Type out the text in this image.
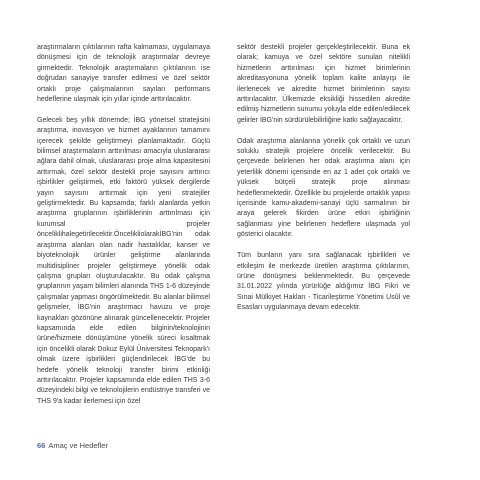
araştırmaların çıktılarının rafta kalmaması, uygulamaya dönüşmesi için de teknolojik araştırmalar devreye girmektedir. Teknolojik araştırmaların çıktılarının ise doğrudan sanayiye transfer edilmesi ve özel sektör ortaklı proje çalışmalarının sayıları performans hedeflerine ulaşmak için yıllar içinde arttırılacaktır.

Gelecek beş yıllık dönemde; İBG yönetsel stratejisini araştırma, inovasyon ve hizmet ayaklarının tamamını içerecek şekilde geliştirmeyi planlamaktadır. Güçlü bilimsel araştırmaların arttırılması amacıyla uluslararası ağlara dahil olmak, uluslararası proje alma kapasitesini arttırmak, özel sektör destekli proje sayısını arttırıcı işbirlikler geliştirmek, etki faktörü yüksek dergilerde yayın sayısını arttırmak için yeni stratejiler geliştirmektedir. Bu kapsamda; farklı alanlarda yetkin araştırma gruplarının işbirliklerinin arttırılması için kurumsal projeler önceliklihalegetirilecektir.ÖncelikliolarakİBG'nin odak araştırma alanları olan nadir hastalıklar, kanser ve biyoteknolojik ürünler geliştirme alanlarında multidisipliner projeler geliştirmeye yönelik odak çalışma grupları oluşturulacaktır. Bu odak çalışma gruplarının yaşam bilimleri alanında THS 1-6 düzeyinde çalışmalar yapması öngörülmektedir. Bu alanlar bilimsel gelişmeler, İBG'nin araştırmacı havuzu ve proje kaynakları gözönüne alınarak güncellenecektir. Projeler kapsamında elde edilen bilginin/teknolojinin ürüne/hizmete dönüşümüne yönelik süreci kısaltmak için öncelikli olarak Dokuz Eylül Üniversitesi Teknopark'ı olmak üzere işbirlikleri güçlendirilecek İBG'de bu hedefe yönelik teknoloji transfer birimi etkinliği arttırılacaktır. Projeler kapsamında elde edilen THS 3-6 düzeyindeki bilgi ve teknolojilerin endüstriye transferi ve THS 9'a kadar ilerlemesi için özel

sektör destekli projeler gerçekleştirilecektir. Buna ek olarak; kamuya ve özel sektöre sunulan nitelikli hizmetlerin arttırılması için hizmet birimlerinin akreditasyonuna yönelik toplam kalite anlayışı ile ilerlenecek ve akredite hizmet birimlerinin sayısı arttırılacaktır. Ülkemizde eksikliği hissedilen akredite edilmiş hizmetlerin sunumu yoluyla elde edilen/edilecek gelirler İBG'nin sürdürülebilirliğine katkı sağlayacaktır.

Odak araştırma alanlarına yönelik çok ortaklı ve uzun soluklu stratejik projelere öncelik verilecektir. Bu çerçevede belirlenen her odak araştırma alanı için yeterlilik dönemi içerisinde en az 1 adet çok ortaklı ve yüksek bütçeli stratejik proje alınması hedeflenmektedir. Özellikle bu projelerde ortaklık yapısı içerisinde kamu-akademi-sanayi üçlü sarmalının bir araya gelerek fikirden ürüne etkin işbirliğinin sağlanması yine belirlenen hedeflere ulaşmada yol gösterici olacaktır.

Tüm bunların yanı sıra sağlanacak işbirlikleri ve etkileşim ile merkezde üretilen araştırma çıktılarının, ürüne dönüşmesi beklenmektedir. Bu çerçevede 31.01.2022 yılında yürürlüğe aldığımız İBG Fikri ve Sınai Mülkiyet Hakları - Ticarileştirme Yönetimi Usûl ve Esasları uygulanmaya devam edecektir.

66 Amaç ve Hedefler
